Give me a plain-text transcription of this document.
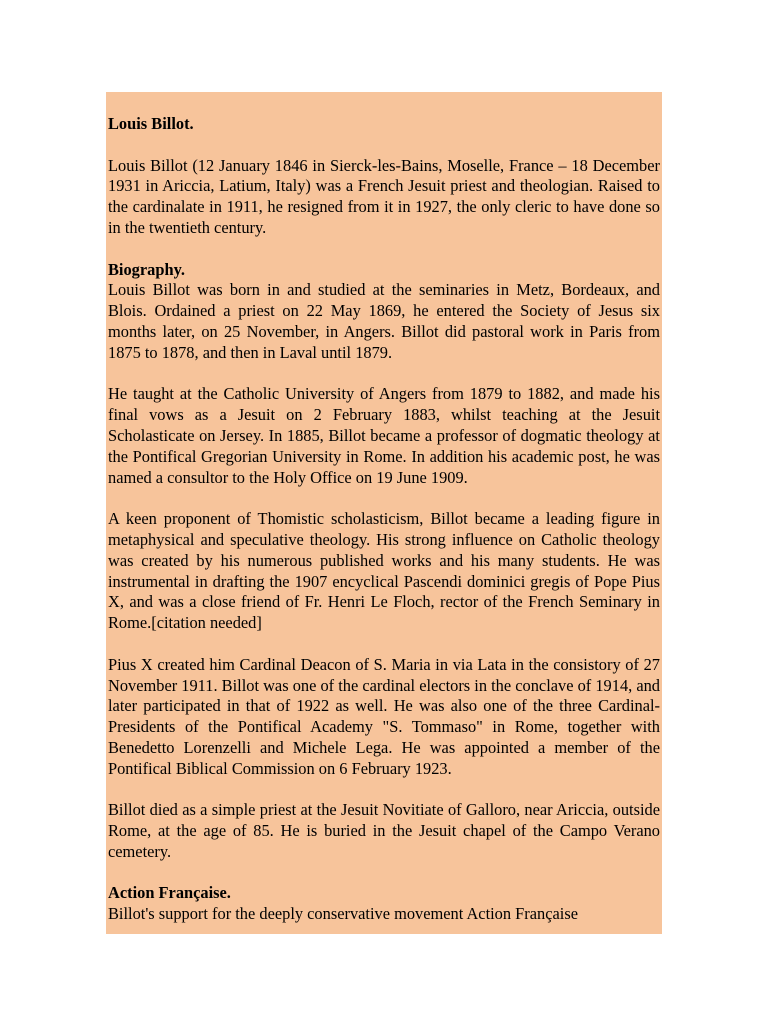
Louis Billot.

Louis Billot (12 January 1846 in Sierck-les-Bains, Moselle, France – 18 December 1931 in Ariccia, Latium, Italy) was a French Jesuit priest and theologian. Raised to the cardinalate in 1911, he resigned from it in 1927, the only cleric to have done so in the twentieth century.

Biography.

Louis Billot was born in and studied at the seminaries in Metz, Bordeaux, and Blois. Ordained a priest on 22 May 1869, he entered the Society of Jesus six months later, on 25 November, in Angers. Billot did pastoral work in Paris from 1875 to 1878, and then in Laval until 1879.

He taught at the Catholic University of Angers from 1879 to 1882, and made his final vows as a Jesuit on 2 February 1883, whilst teaching at the Jesuit Scholasticate on Jersey. In 1885, Billot became a professor of dogmatic theology at the Pontifical Gregorian University in Rome. In addition his academic post, he was named a consultor to the Holy Office on 19 June 1909.

A keen proponent of Thomistic scholasticism, Billot became a leading figure in metaphysical and speculative theology. His strong influence on Catholic theology was created by his numerous published works and his many students. He was instrumental in drafting the 1907 encyclical Pascendi dominici gregis of Pope Pius X, and was a close friend of Fr. Henri Le Floch, rector of the French Seminary in Rome.[citation needed]

Pius X created him Cardinal Deacon of S. Maria in via Lata in the consistory of 27 November 1911. Billot was one of the cardinal electors in the conclave of 1914, and later participated in that of 1922 as well. He was also one of the three Cardinal-Presidents of the Pontifical Academy "S. Tommaso" in Rome, together with Benedetto Lorenzelli and Michele Lega. He was appointed a member of the Pontifical Biblical Commission on 6 February 1923.

Billot died as a simple priest at the Jesuit Novitiate of Galloro, near Ariccia, outside Rome, at the age of 85. He is buried in the Jesuit chapel of the Campo Verano cemetery.

Action Française.

Billot's support for the deeply conservative movement Action Française
